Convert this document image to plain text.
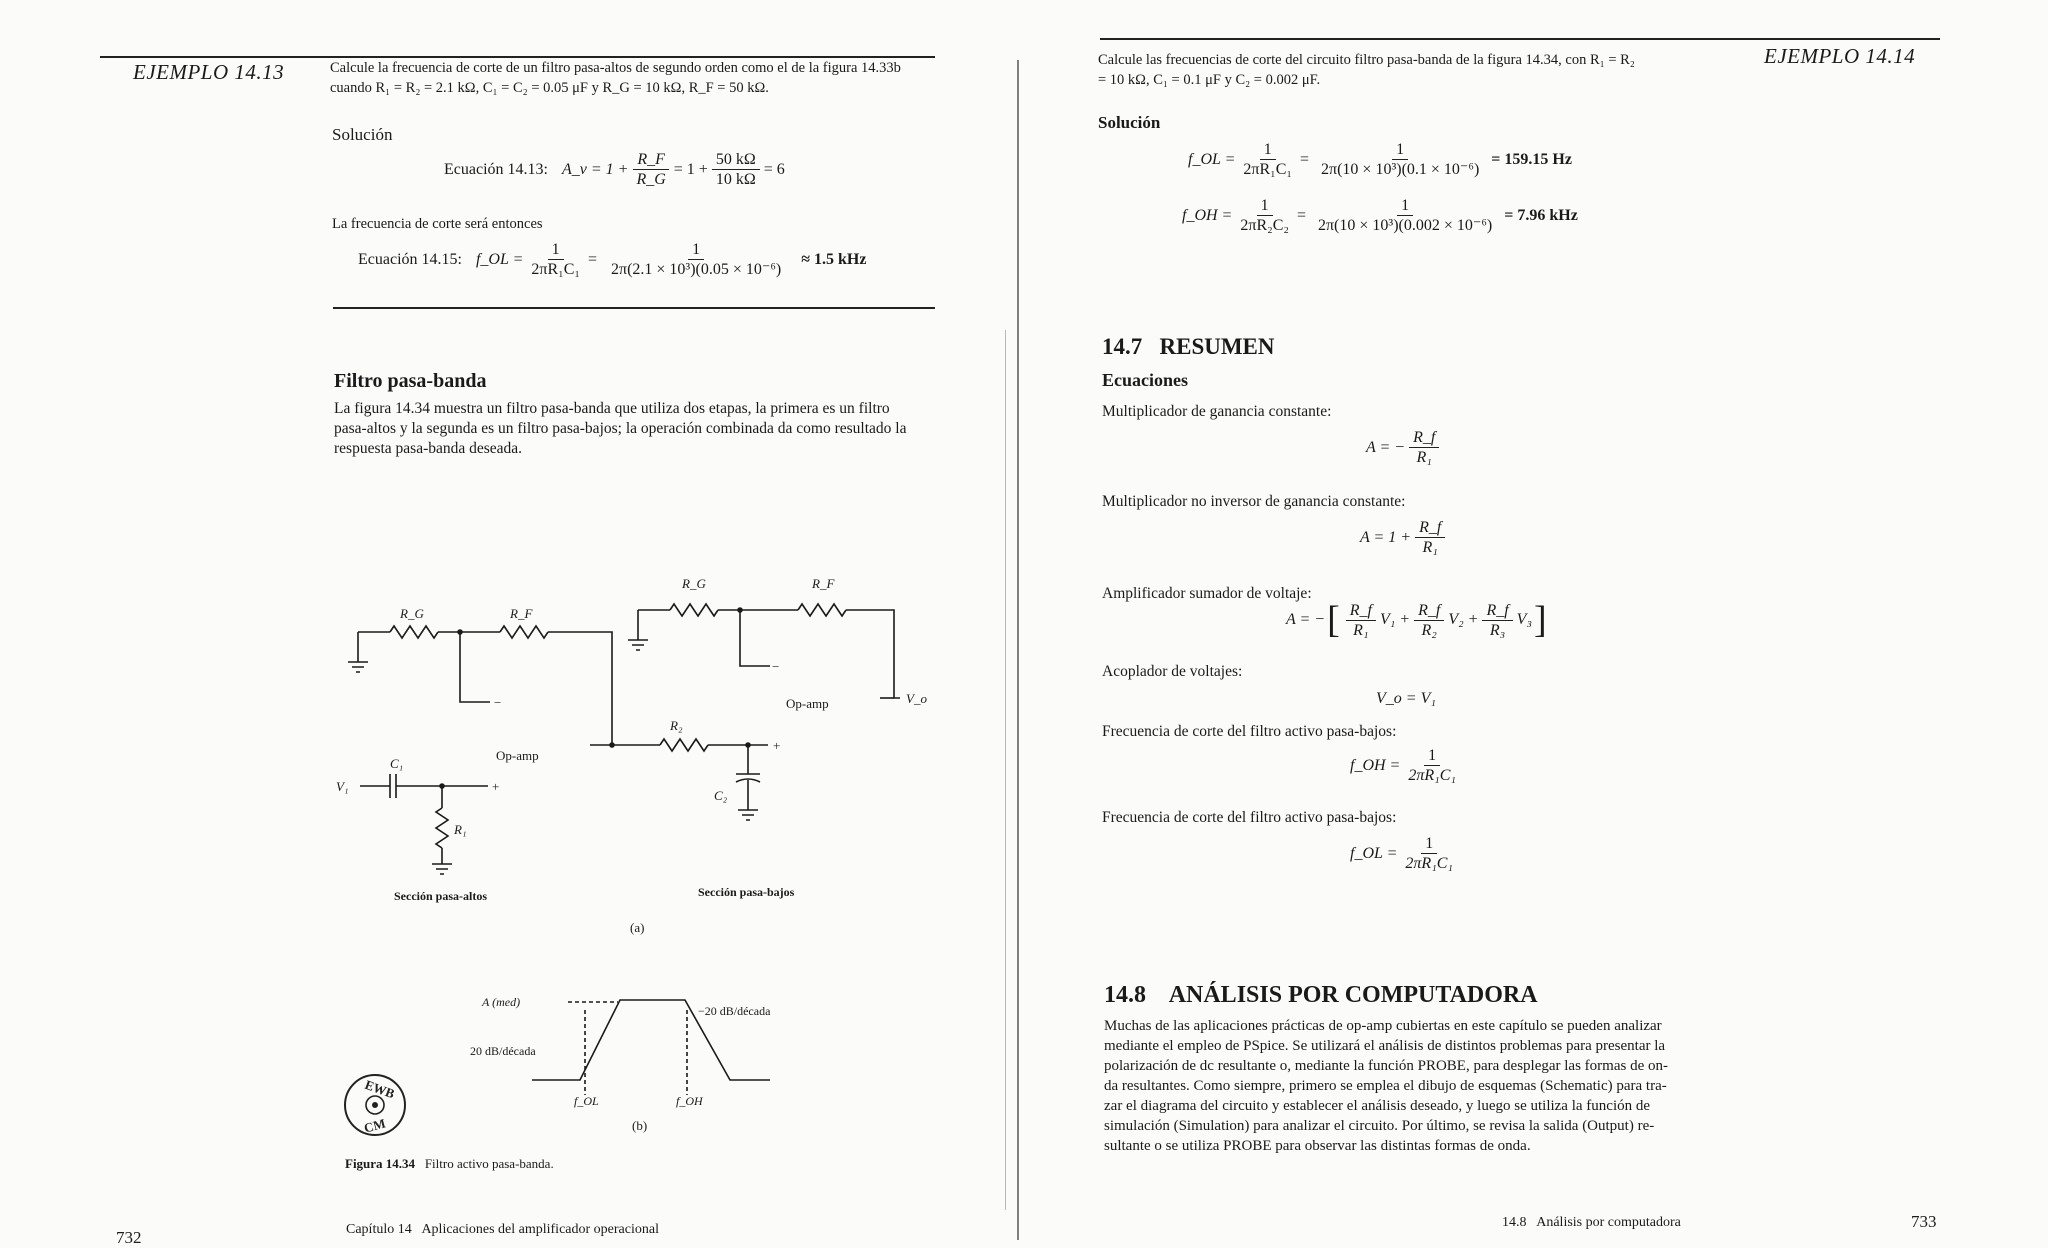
EJEMPLO 14.13	Calcule la frecuencia de corte de un filtro pasa-altos de segundo orden como el de la figura 14.33b
cuando R₁ = R₂ = 2.1 kΩ, C₁ = C₂ = 0.05 μF y R_G = 10 kΩ, R_F = 50 kΩ.
Solución
Ecuación 14.13: A_v = $1 + \frac{R\_F}{R\_G} = 1 + \frac{50 k\Omega}{10 k\Omega} = 6$
La frecuencia de corte será entonces
Ecuación 14.15: f_OL = $\frac{1}{\text{2πR₁C₁}} = \frac{1}{\text{2π(2.1 × 10³)(0.05 × 10⁻⁶)}} \approx 1.5$ kHz
Filtro pasa-banda
La figura 14.34 muestra un filtro pasa-banda que utiliza dos etapas, la primera es un filtro
pasa-altos y la segunda es un filtro pasa-bajos; la operación combinada da como resultado la
respuesta pasa-banda deseada.
R_G	R_F
R_G	R_F
−
Op-amp
−
Op-amp	V_o
R₂
+
C₂
C₁
V₁	+
R₁
Sección pasa-altos	Sección pasa-bajos
(a)
A (med)
−20 dB/década
20 dB/década
f_OL	f_OH
EWB
CM	(b)
Figura 14.34 Filtro activo pasa-banda.
732	Capítulo 14   Aplicaciones del amplificador operacional
Calcule las frecuencias de corte del circuito filtro pasa-banda de la figura 14.34, con R₁ = R₂
= 10 kΩ, C₁ = 0.1 μF y C₂ = 0.002 μF.
EJEMPLO 14.14
Solución
f_OL = $\frac{1}{\text{2πR₁C₁}} = \frac{1}{\text{2π(10 × 10³)(0.1 × 10⁻⁶)}} = 159.15$ Hz
f_OH = $\frac{1}{\text{2πR₂C₂}} = \frac{1}{\text{2π(10 × 10³)(0.002 × 10⁻⁶)}} = 7.96$ kHz
14.7 RESUMEN
Ecuaciones
Multiplicador de ganancia constante:
A = − $\frac{R\_f}{\text{R₁}}$
Multiplicador no inversor de ganancia constante:
$A = 1 + \frac{R\_f}{\text{R₁}}$
Amplificador sumador de voltaje:
A = − [ $\frac{R\_f}{\text{R₁}} V_1 + \frac{R\_f}{\text{R₂}} V_2 + \frac{R\_f}{\text{R₃}} V_3$ ]
Acoplador de voltajes:
V_o = V₁
Frecuencia de corte del filtro activo pasa-bajos:
f_OH = $\frac{1}{\text{2πR₁C₁}}$
Frecuencia de corte del filtro activo pasa-bajos:
f_OL = $\frac{1}{\text{2πR₁C₁}}$
14.8 ANÁLISIS POR COMPUTADORA
Muchas de las aplicaciones prácticas de op-amp cubiertas en este capítulo se pueden analizar
mediante el empleo de PSpice. Se utilizará el análisis de distintos problemas para presentar la
polarización de dc resultante o, mediante la función PROBE, para desplegar las formas de on-
da resultantes. Como siempre, primero se emplea el dibujo de esquemas (Schematic) para tra-
zar el diagrama del circuito y establecer el análisis deseado, y luego se utiliza la función de
simulación (Simulation) para analizar el circuito. Por último, se revisa la salida (Output) re-
sultante o se utiliza PROBE para observar las distintas formas de onda.
14.8   Análisis por computadora	733
